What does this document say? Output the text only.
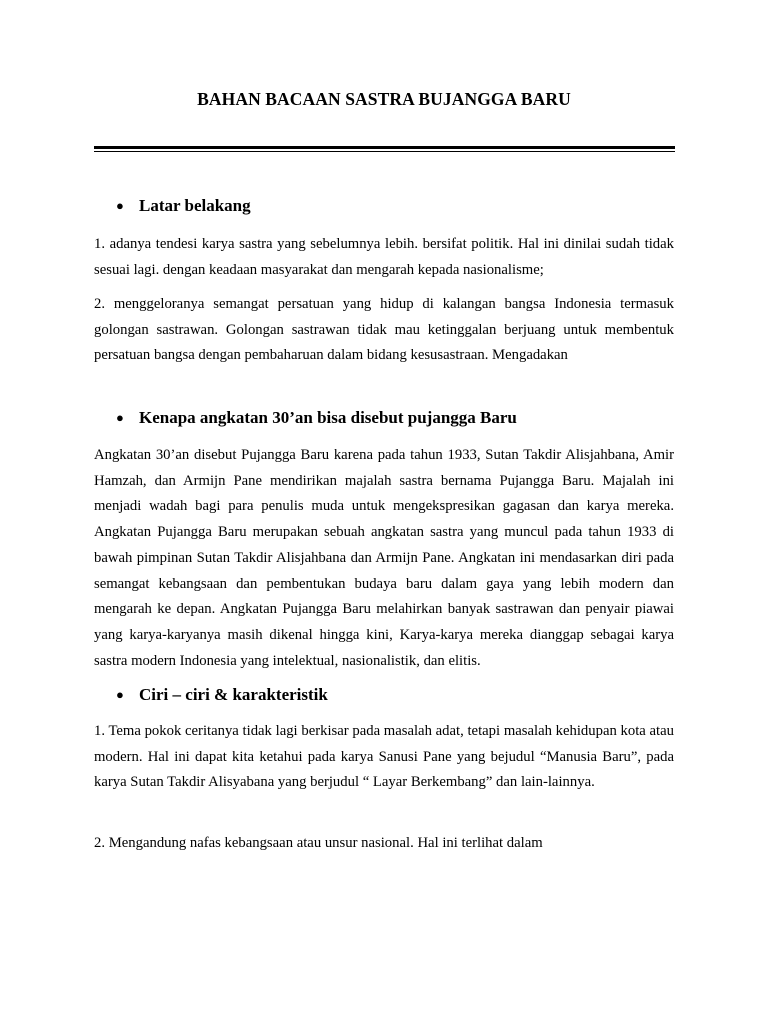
BAHAN BACAAN SASTRA BUJANGGA BARU
● Latar belakang

1. adanya tendesi karya sastra yang sebelumnya lebih. bersifat politik. Hal ini dinilai sudah tidak sesuai lagi. dengan keadaan masyarakat dan mengarah kepada nasionalisme;

2. menggeloranya semangat persatuan yang hidup di kalangan bangsa Indonesia termasuk golongan sastrawan. Golongan sastrawan tidak mau ketinggalan berjuang untuk membentuk persatuan bangsa dengan pembaharuan dalam bidang kesusastraan. Mengadakan

● Kenapa angkatan 30’an bisa disebut pujangga Baru

Angkatan 30’an disebut Pujangga Baru karena pada tahun 1933, Sutan Takdir Alisjahbana, Amir Hamzah, dan Armijn Pane mendirikan majalah sastra bernama Pujangga Baru. Majalah ini menjadi wadah bagi para penulis muda untuk mengekspresikan gagasan dan karya mereka. Angkatan Pujangga Baru merupakan sebuah angkatan sastra yang muncul pada tahun 1933 di bawah pimpinan Sutan Takdir Alisjahbana dan Armijn Pane. Angkatan ini mendasarkan diri pada semangat kebangsaan dan pembentukan budaya baru dalam gaya yang lebih modern dan mengarah ke depan. Angkatan Pujangga Baru melahirkan banyak sastrawan dan penyair piawai yang karya-karyanya masih dikenal hingga kini, Karya-karya mereka dianggap sebagai karya sastra modern Indonesia yang intelektual, nasionalistik, dan elitis.

● Ciri – ciri & karakteristik

1. Tema pokok ceritanya tidak lagi berkisar pada masalah adat, tetapi masalah kehidupan kota atau modern. Hal ini dapat kita ketahui pada karya Sanusi Pane yang bejudul “Manusia Baru”, pada karya Sutan Takdir Alisyabana yang berjudul “ Layar Berkembang” dan lain-lainnya.

2. Mengandung nafas kebangsaan atau unsur nasional. Hal ini terlihat dalam
